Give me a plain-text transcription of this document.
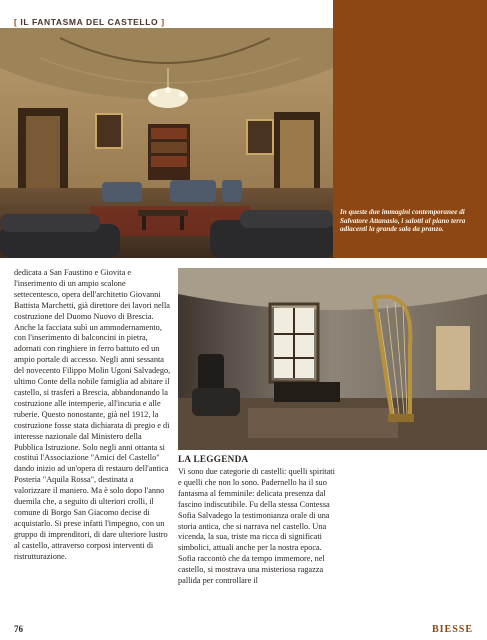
[ IL FANTASMA DEL CASTELLO ]
In queste due immagini contemporanee di Salvatore Attanasio, i salotti al piano terra adiacenti la grande sala da pranzo.

dedicata a San Faustino e Giovita e l'inserimento di un ampio scalone settecentesco, opera dell'architetto Giovanni Battista Marchetti, già direttore dei lavori nella costruzione del Duomo Nuovo di Brescia. Anche la facciata subì un ammodernamento, con l'inserimento di balconcini in pietra, adornati con ringhiere in ferro battuto ed un ampio portale di accesso. Negli anni sessanta del novecento Filippo Molin Ugoni Salvadego, ultimo Conte della nobile famiglia ad abitare il castello, si trasferì a Brescia, abbandonando la costruzione alle intemperie, all'incuria e alle ruberie. Questo nonostante, già nel 1912, la costruzione fosse stata dichiarata di pregio e di interesse nazionale dal Ministero della Pubblica Istruzione. Solo negli anni ottanta si costituì l'Associazione "Amici del Castello" dando inizio ad un'opera di restauro dell'antica Posteria "Aquila Rossa", destinata a valorizzare il maniero. Ma è solo dopo l'anno duemila che, a seguito di ulteriori crolli, il comune di Borgo San Giacomo decise di acquistarlo. Si prese infatti l'impegno, con un gruppo di imprenditori, di dare ulteriore lustro al castello, attraverso corposi interventi di ristrutturazione.

LA LEGGENDA

Vi sono due categorie di castelli: quelli spiritati e quelli che non lo sono. Padernello ha il suo fantasma al femminile: delicata presenza dal fascino indiscutibile. Fu della stessa Contessa Sofia Salvadego la testimonianza orale di una storia antica, che si narrava nel castello. Una vicenda, la sua, triste ma ricca di significati simbolici, attuali anche per la nostra epoca. Sofia raccontò che da tempo immemore, nel castello, si mostrava una misteriosa ragazza pallida per controllare il

76	BIESSE
